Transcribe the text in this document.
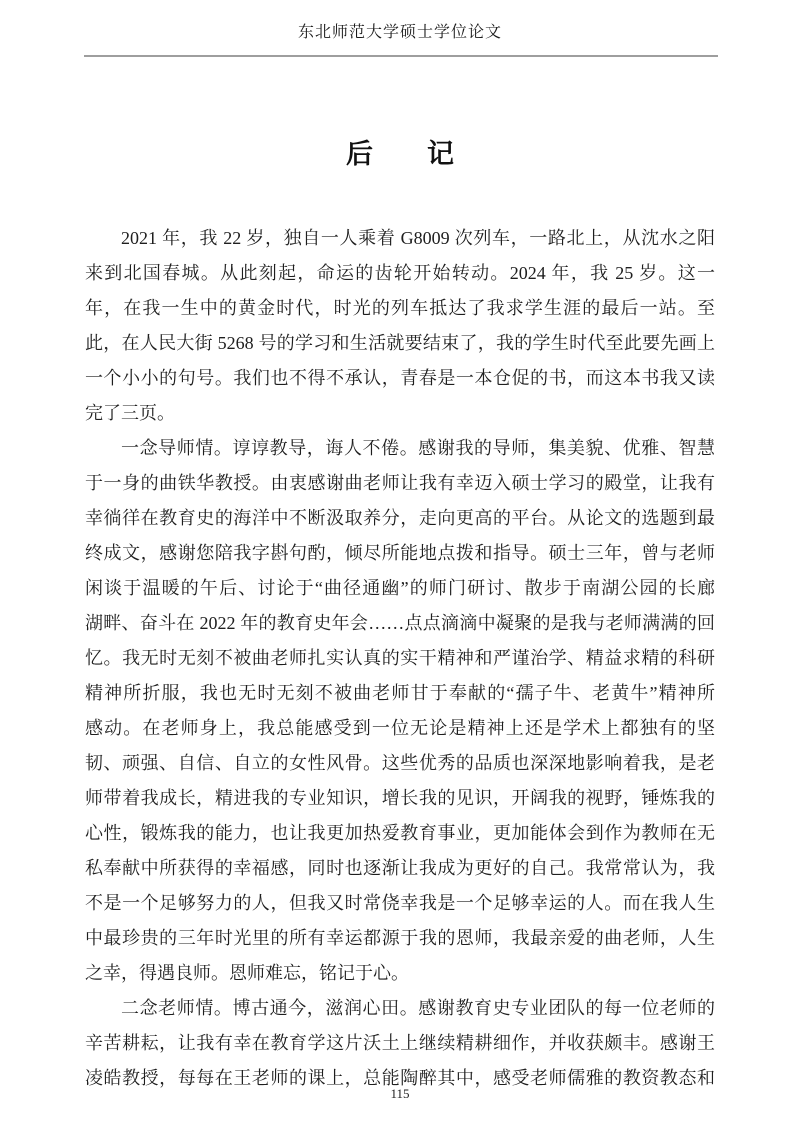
东北师范大学硕士学位论文
后　　记
2021 年，我 22 岁，独自一人乘着 G8009 次列车，一路北上，从沈水之阳
来到北国春城。从此刻起，命运的齿轮开始转动。2024 年，我 25 岁。这一
年，在我一生中的黄金时代，时光的列车抵达了我求学生涯的最后一站。至
此，在人民大街 5268 号的学习和生活就要结束了，我的学生时代至此要先画上
一个小小的句号。我们也不得不承认，青春是一本仓促的书，而这本书我又读
完了三页。
一念导师情。谆谆教导，诲人不倦。感谢我的导师，集美貌、优雅、智慧
于一身的曲铁华教授。由衷感谢曲老师让我有幸迈入硕士学习的殿堂，让我有
幸徜徉在教育史的海洋中不断汲取养分，走向更高的平台。从论文的选题到最
终成文，感谢您陪我字斟句酌，倾尽所能地点拨和指导。硕士三年，曾与老师
闲谈于温暖的午后、讨论于“曲径通幽”的师门研讨、散步于南湖公园的长廊
湖畔、奋斗在 2022 年的教育史年会……点点滴滴中凝聚的是我与老师满满的回
忆。我无时无刻不被曲老师扎实认真的实干精神和严谨治学、精益求精的科研
精神所折服，我也无时无刻不被曲老师甘于奉献的“孺子牛、老黄牛”精神所
感动。在老师身上，我总能感受到一位无论是精神上还是学术上都独有的坚
韧、顽强、自信、自立的女性风骨。这些优秀的品质也深深地影响着我，是老
师带着我成长，精进我的专业知识，增长我的见识，开阔我的视野，锤炼我的
心性，锻炼我的能力，也让我更加热爱教育事业，更加能体会到作为教师在无
私奉献中所获得的幸福感，同时也逐渐让我成为更好的自己。我常常认为，我
不是一个足够努力的人，但我又时常侥幸我是一个足够幸运的人。而在我人生
中最珍贵的三年时光里的所有幸运都源于我的恩师，我最亲爱的曲老师，人生
之幸，得遇良师。恩师难忘，铭记于心。
二念老师情。博古通今，滋润心田。感谢教育史专业团队的每一位老师的
辛苦耕耘，让我有幸在教育学这片沃土上继续精耕细作，并收获颇丰。感谢王
凌皓教授，每每在王老师的课上，总能陶醉其中，感受老师儒雅的教资教态和
115
